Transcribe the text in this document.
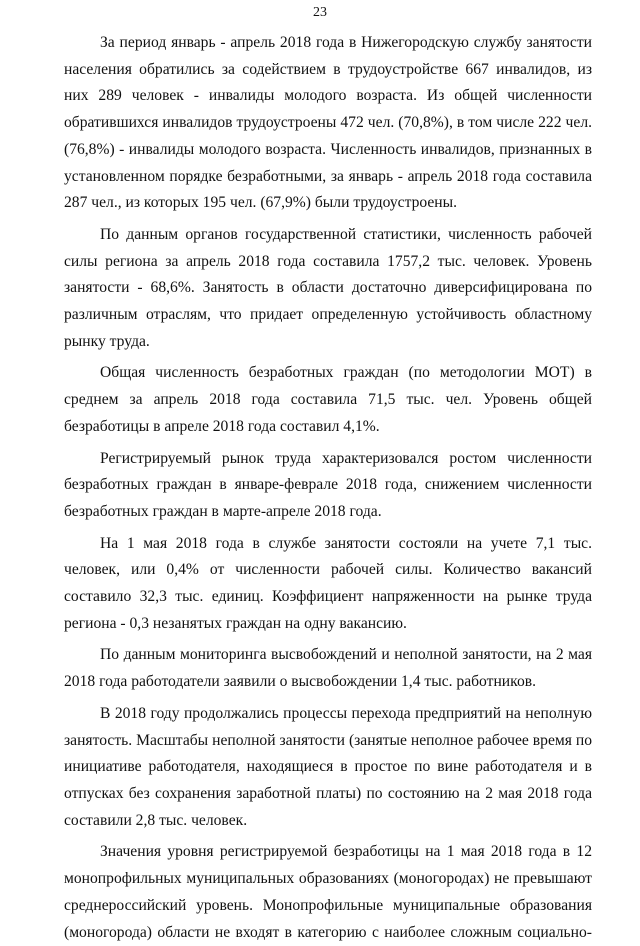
23

За период январь - апрель 2018 года в Нижегородскую службу занятости населения обратились за содействием в трудоустройстве 667 инвалидов, из них 289 человек - инвалиды молодого возраста. Из общей численности обратившихся инвалидов трудоустроены 472 чел. (70,8%), в том числе 222 чел. (76,8%) - инвалиды молодого возраста. Численность инвалидов, признанных в установленном порядке безработными, за январь - апрель 2018 года составила 287 чел., из которых 195 чел. (67,9%) были трудоустроены.

По данным органов государственной статистики, численность рабочей силы региона за апрель 2018 года составила 1757,2 тыс. человек. Уровень занятости - 68,6%. Занятость в области достаточно диверсифицирована по различным отраслям, что придает определенную устойчивость областному рынку труда.

Общая численность безработных граждан (по методологии МОТ) в среднем за апрель 2018 года составила 71,5 тыс. чел. Уровень общей безработицы в апреле 2018 года составил 4,1%.

Регистрируемый рынок труда характеризовался ростом численности безработных граждан в январе-феврале 2018 года, снижением численности безработных граждан в марте-апреле 2018 года.

На 1 мая 2018 года в службе занятости состояли на учете 7,1 тыс. человек, или 0,4% от численности рабочей силы. Количество вакансий составило 32,3 тыс. единиц. Коэффициент напряженности на рынке труда региона - 0,3 незанятых граждан на одну вакансию.

По данным мониторинга высвобождений и неполной занятости, на 2 мая 2018 года работодатели заявили о высвобождении 1,4 тыс. работников.

В 2018 году продолжались процессы перехода предприятий на неполную занятость. Масштабы неполной занятости (занятые неполное рабочее время по инициативе работодателя, находящиеся в простое по вине работодателя и в отпусках без сохранения заработной платы) по состоянию на 2 мая 2018 года составили 2,8 тыс. человек.

Значения уровня регистрируемой безработицы на 1 мая 2018 года в 12 монопрофильных муниципальных образованиях (моногородах) не превышают среднероссийский уровень. Монопрофильные муниципальные образования (моногорода) области не входят в категорию с наиболее сложным социально-
